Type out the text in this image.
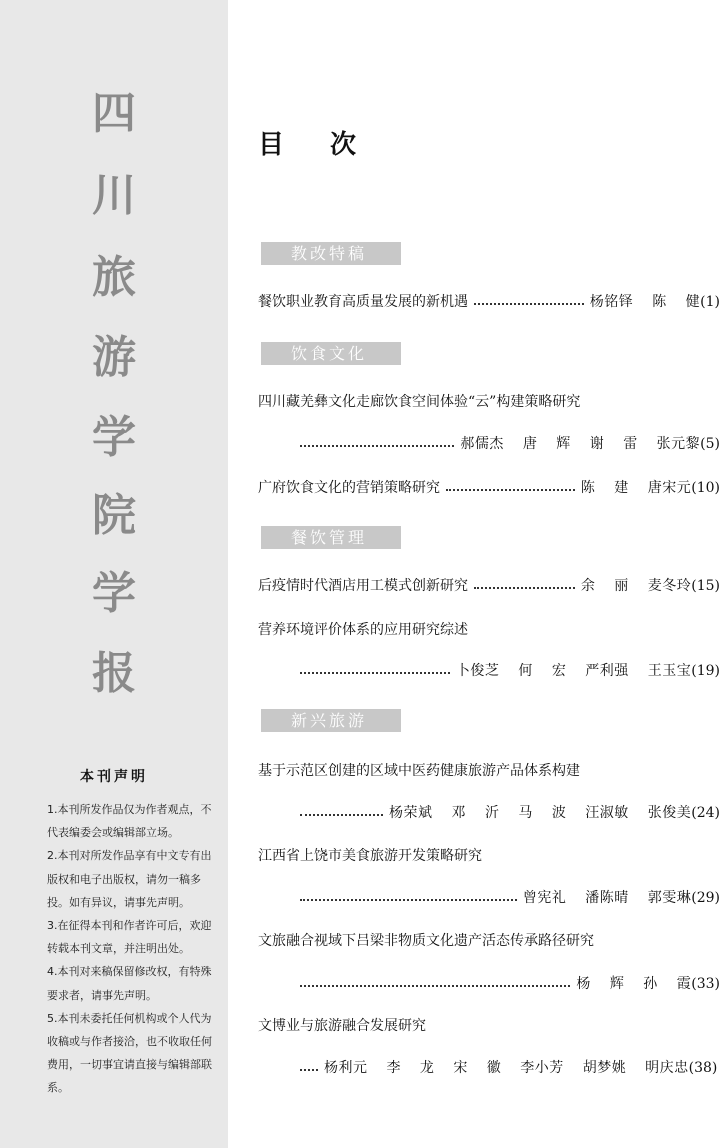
四
川
旅
游
学
院
学
报
本刊声明

1.本刊所发作品仅为作者观点，不代表编委会或编辑部立场。

2.本刊对所发作品享有中文专有出版权和电子出版权，请勿一稿多投。如有异议，请事先声明。

3.在征得本刊和作者许可后，欢迎转载本刊文章，并注明出处。

4.本刊对来稿保留修改权，有特殊要求者，请事先声明。

5.本刊未委托任何机构或个人代为收稿或与作者接洽，也不收取任何费用，一切事宜请直接与编辑部联系。

目 次
教改特稿
餐饮职业教育高质量发展的新机遇	杨铭铎 陈 健 (1)
饮食文化
四川藏羌彝文化走廊饮食空间体验“云”构建策略研究
郝儒杰 唐 辉 谢 雷 张元黎 (5)
广府饮食文化的营销策略研究	陈 建 唐宋元 (10)
餐饮管理
后疫情时代酒店用工模式创新研究	余 丽 麦冬玲 (15)
营养环境评价体系的应用研究综述
卜俊芝 何 宏 严利强 王玉宝 (19)
新兴旅游
基于示范区创建的区域中医药健康旅游产品体系构建
杨荣斌 邓 沂 马 波 汪淑敏 张俊美 (24)
江西省上饶市美食旅游开发策略研究
曾宪礼 潘陈晴 郭雯琳 (29)
文旅融合视域下吕梁非物质文化遗产活态传承路径研究
杨 辉 孙 霞 (33)
文博业与旅游融合发展研究
杨利元 李 龙 宋 徽 李小芳 胡梦姚 明庆忠 (38)
